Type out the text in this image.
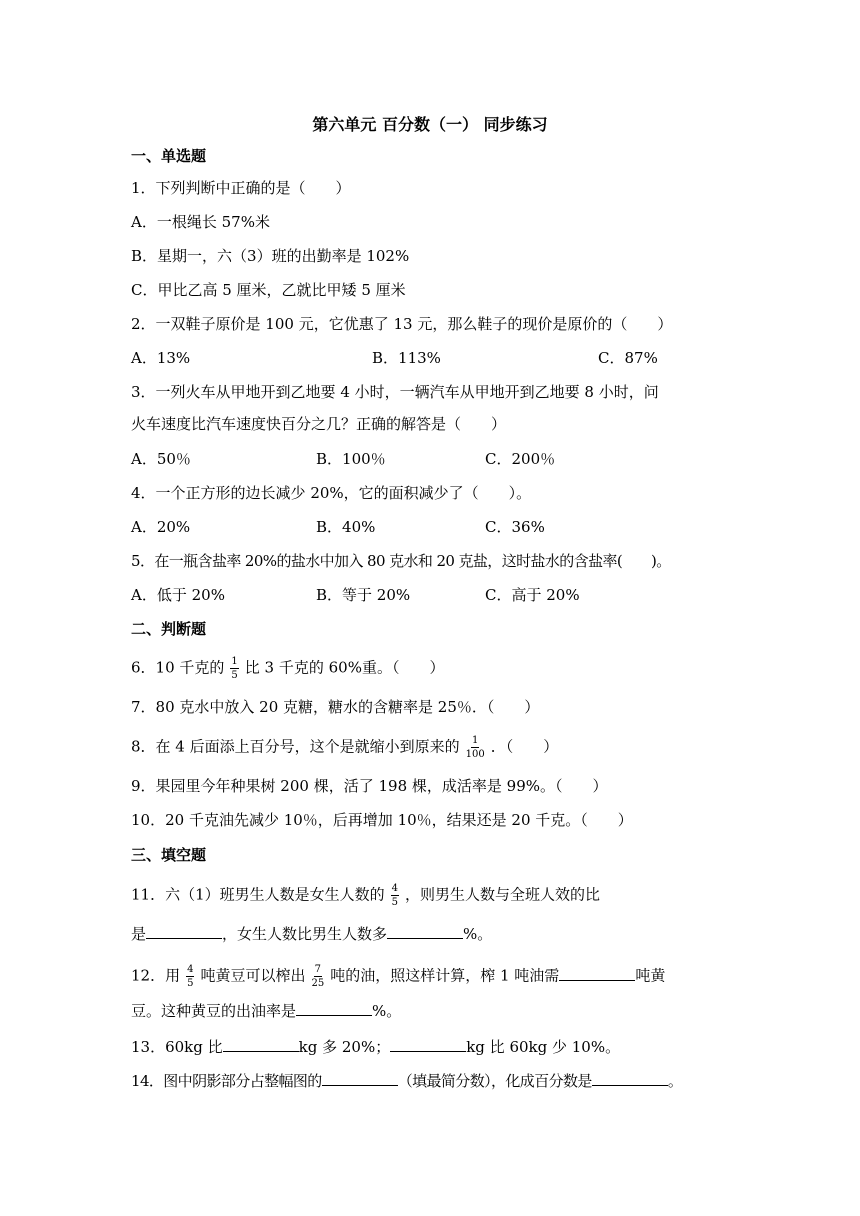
第六单元 百分数（一） 同步练习
一、单选题
1．下列判断中正确的是（　　）
A．一根绳长 57%米
B．星期一，六（3）班的出勤率是 102%
C．甲比乙高 5 厘米，乙就比甲矮 5 厘米
2．一双鞋子原价是 100 元，它优惠了 13 元，那么鞋子的现价是原价的（　　）
A．13%	B．113%	C．87%
3．一列火车从甲地开到乙地要 4 小时，一辆汽车从甲地开到乙地要 8 小时，问
火车速度比汽车速度快百分之几？正确的解答是（　　）
A．50％	B．100％	C．200％
4．一个正方形的边长减少 20%，它的面积减少了（　　）。
A．20%	B．40%	C．36%
5．在一瓶含盐率 20%的盐水中加入 80 克水和 20 克盐，这时盐水的含盐率(　　)。
A．低于 20%	B．等于 20%	C．高于 20%
二、判断题
6．10 千克的 $\frac{1}{5}$ 比 3 千克的 60%重。（　　）
7．80 克水中放入 20 克糖，糖水的含糖率是 25％．（　　）
8．在 4 后面添上百分号，这个是就缩小到原来的 $\frac{1}{100}$ ．（　　）
9．果园里今年种果树 200 棵，活了 198 棵，成活率是 99%。（　　）
10．20 千克油先减少 10％，后再增加 10％，结果还是 20 千克。（　　）
三、填空题
11．六（1）班男生人数是女生人数的 $\frac{4}{5}$ ，则男生人数与全班人效的比
是	，女生人数比男生人数多	%。
12．用 $\frac{4}{5}$ 吨黄豆可以榨出 $\frac{7}{25}$ 吨的油，照这样计算，榨 1 吨油需	吨黄
豆。这种黄豆的出油率是	%。
13．60kg 比	kg 多 20%；	kg 比 60kg 少 10%。
14．图中阴影部分占整幅图的	（填最简分数），化成百分数是	。
